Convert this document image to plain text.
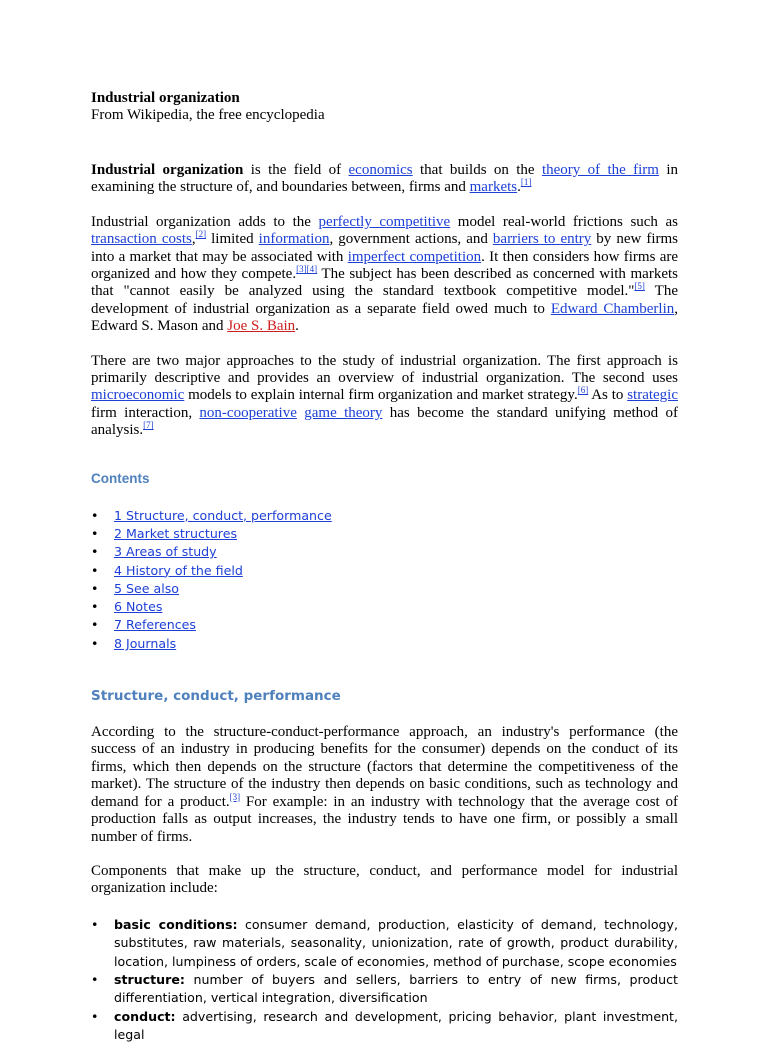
Industrial organization
From Wikipedia, the free encyclopedia

Industrial organization is the field of economics that builds on the theory of the firm in examining the structure of, and boundaries between, firms and markets.[1]

Industrial organization adds to the perfectly competitive model real-world frictions such as transaction costs,[2] limited information, government actions, and barriers to entry by new firms into a market that may be associated with imperfect competition. It then considers how firms are organized and how they compete.[3][4] The subject has been described as concerned with markets that "cannot easily be analyzed using the standard textbook competitive model."[5] The development of industrial organization as a separate field owed much to Edward Chamberlin, Edward S. Mason and Joe S. Bain.

There are two major approaches to the study of industrial organization. The first approach is primarily descriptive and provides an overview of industrial organization. The second uses microeconomic models to explain internal firm organization and market strategy.[6] As to strategic firm interaction, non-cooperative game theory has become the standard unifying method of analysis.[7]

Contents
• 1 Structure, conduct, performance
• 2 Market structures
• 3 Areas of study
• 4 History of the field
• 5 See also
• 6 Notes
• 7 References
• 8 Journals
Structure, conduct, performance

According to the structure-conduct-performance approach, an industry's performance (the success of an industry in producing benefits for the consumer) depends on the conduct of its firms, which then depends on the structure (factors that determine the competitiveness of the market). The structure of the industry then depends on basic conditions, such as technology and demand for a product.[3] For example: in an industry with technology that the average cost of production falls as output increases, the industry tends to have one firm, or possibly a small number of firms.

Components that make up the structure, conduct, and performance model for industrial organization include:

• basic conditions: consumer demand, production, elasticity of demand, technology, substitutes, raw materials, seasonality, unionization, rate of growth, product durability, location, lumpiness of orders, scale of economies, method of purchase, scope economies
• structure: number of buyers and sellers, barriers to entry of new firms, product differentiation, vertical integration, diversification
• conduct: advertising, research and development, pricing behavior, plant investment, legal
